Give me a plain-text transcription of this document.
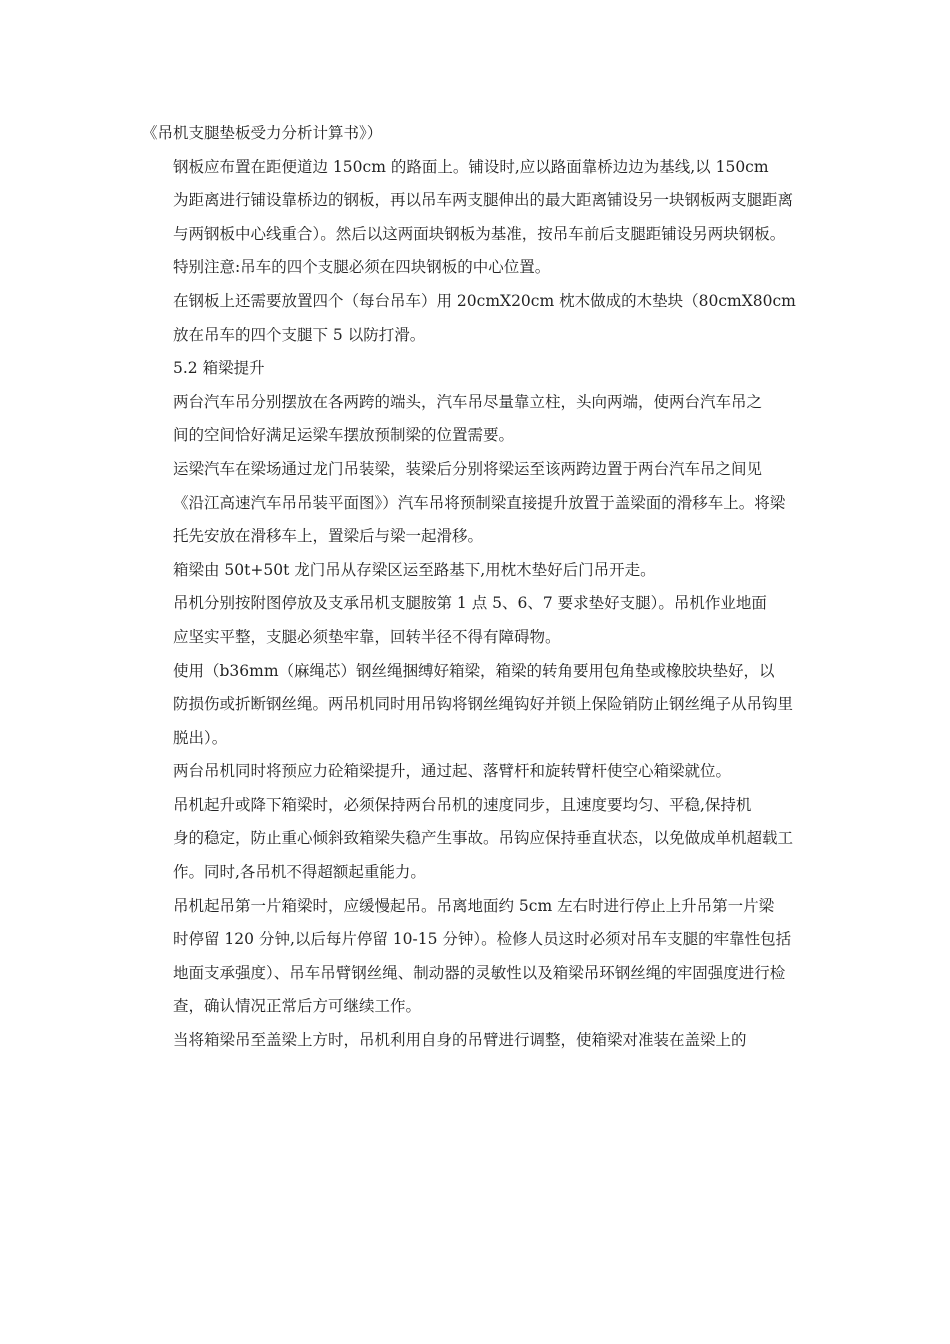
《吊机支腿垫板受力分析计算书》）

钢板应布置在距便道边 150cm 的路面上。铺设时,应以路面靠桥边边为基线,以 150cm
为距离进行铺设靠桥边的钢板，再以吊车两支腿伸出的最大距离铺设另一块钢板两支腿距离
与两钢板中心线重合）。然后以这两面块钢板为基准，按吊车前后支腿距铺设另两块钢板。
特别注意:吊车的四个支腿必须在四块钢板的中心位置。

在钢板上还需要放置四个（每台吊车）用 20cmX20cm 枕木做成的木垫块（80cmX80cm
放在吊车的四个支腿下 5 以防打滑。

5.2 箱梁提升

两台汽车吊分别摆放在各两跨的端头，汽车吊尽量靠立柱，头向两端，使两台汽车吊之
间的空间恰好满足运梁车摆放预制梁的位置需要。

运梁汽车在梁场通过龙门吊装梁，装梁后分别将梁运至该两跨边置于两台汽车吊之间见
《沿江高速汽车吊吊装平面图》）汽车吊将预制梁直接提升放置于盖梁面的滑移车上。将梁
托先安放在滑移车上，置梁后与梁一起滑移。

箱梁由 50t+50t 龙门吊从存梁区运至路基下,用枕木垫好后门吊开走。

吊机分别按附图停放及支承吊机支腿胺第 1 点 5、6、7 要求垫好支腿）。吊机作业地面
应坚实平整，支腿必须垫牢靠，回转半径不得有障碍物。

使用（b36mm（麻绳芯）钢丝绳捆缚好箱梁，箱梁的转角要用包角垫或橡胶块垫好，以
防损伤或折断钢丝绳。两吊机同时用吊钩将钢丝绳钩好并锁上保险销防止钢丝绳子从吊钩里
脱出）。

两台吊机同时将预应力砼箱梁提升，通过起、落臂杆和旋转臂杆使空心箱梁就位。

吊机起升或降下箱梁时，必须保持两台吊机的速度同步，且速度要均匀、平稳,保持机
身的稳定，防止重心倾斜致箱梁失稳产生事故。吊钩应保持垂直状态，以免做成单机超载工
作。同时,各吊机不得超额起重能力。

吊机起吊第一片箱梁时，应缓慢起吊。吊离地面约 5cm 左右时进行停止上升吊第一片梁
时停留 120 分钟,以后每片停留 10-15 分钟）。检修人员这时必须对吊车支腿的牢靠性包括
地面支承强度）、吊车吊臂钢丝绳、制动器的灵敏性以及箱梁吊环钢丝绳的牢固强度进行检
查，确认情况正常后方可继续工作。

当将箱梁吊至盖梁上方时，吊机利用自身的吊臂进行调整，使箱梁对准装在盖梁上的
